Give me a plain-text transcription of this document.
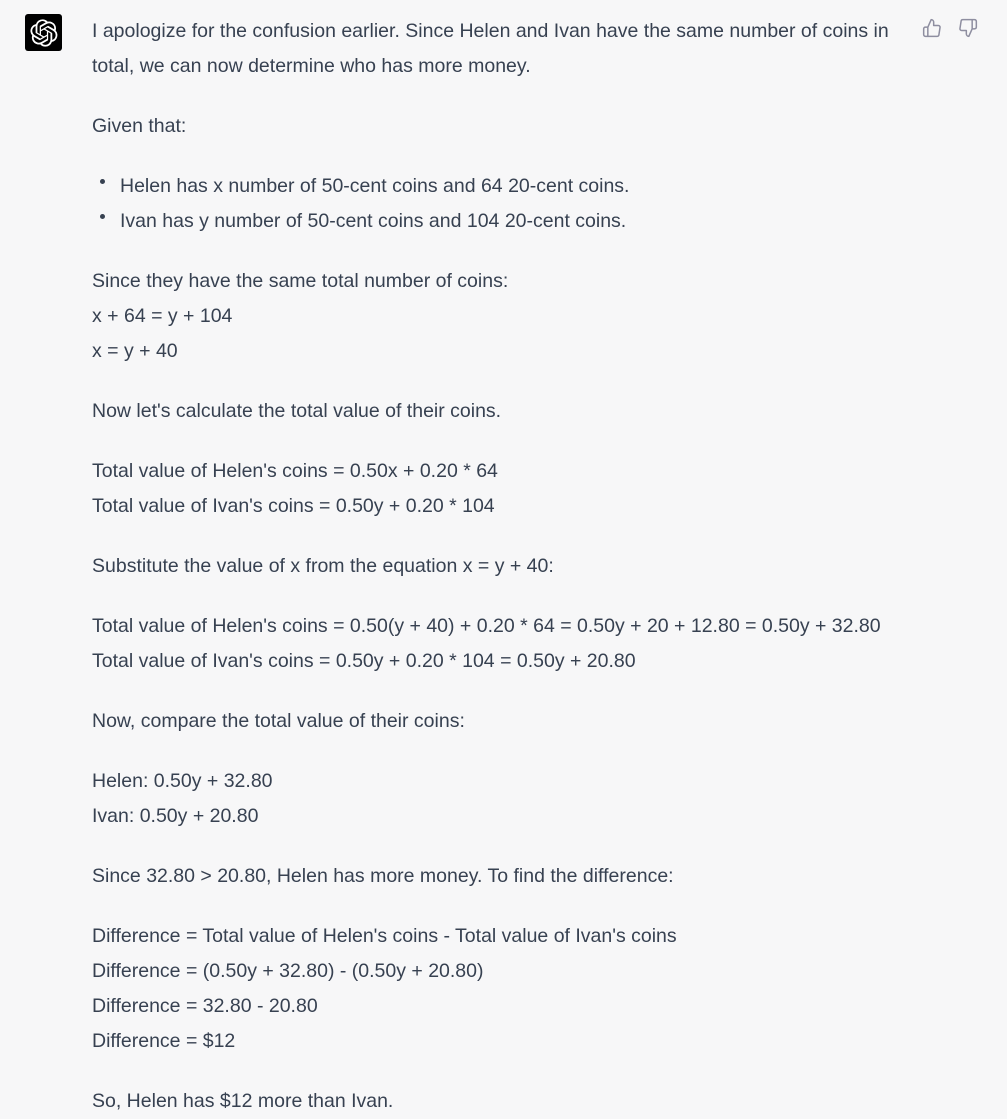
I apologize for the confusion earlier. Since Helen and Ivan have the same number of coins in

total, we can now determine who has more money.

Given that:

Helen has x number of 50-cent coins and 64 20-cent coins.
Ivan has y number of 50-cent coins and 104 20-cent coins.

Since they have the same total number of coins:

x + 64 = y + 104

x = y + 40

Now let's calculate the total value of their coins.

Total value of Helen's coins = 0.50x + 0.20 * 64

Total value of Ivan's coins = 0.50y + 0.20 * 104

Substitute the value of x from the equation x = y + 40:

Total value of Helen's coins = 0.50(y + 40) + 0.20 * 64 = 0.50y + 20 + 12.80 = 0.50y + 32.80

Total value of Ivan's coins = 0.50y + 0.20 * 104 = 0.50y + 20.80

Now, compare the total value of their coins:

Helen: 0.50y + 32.80

Ivan: 0.50y + 20.80

Since 32.80 > 20.80, Helen has more money. To find the difference:

Difference = Total value of Helen's coins - Total value of Ivan's coins

Difference = (0.50y + 32.80) - (0.50y + 20.80)

Difference = 32.80 - 20.80

Difference = $12

So, Helen has $12 more than Ivan.
